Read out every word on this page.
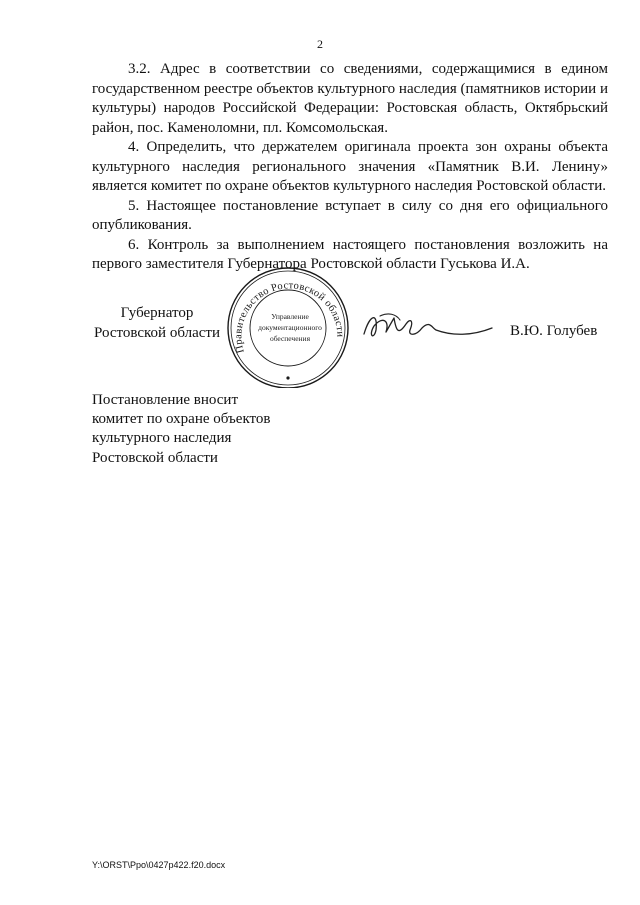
2

3.2. Адрес в соответствии со сведениями, содержащимися в едином государственном реестре объектов культурного наследия (памятников истории и культуры) народов Российской Федерации: Ростовская область, Октябрьский район, пос. Каменоломни, пл. Комсомольская.

4. Определить, что держателем оригинала проекта зон охраны объекта культурного наследия регионального значения «Памятник В.И. Ленину» является комитет по охране объектов культурного наследия Ростовской области.

5. Настоящее постановление вступает в силу со дня его официального опубликования.

6. Контроль за выполнением настоящего постановления возложить на первого заместителя Губернатора Ростовской области Гуськова И.А.

Губернатор
Ростовской области
Правительство Ростовской области
Управление
документационного
обеспечения	В.Ю. Голубев
Постановление вносит
комитет по охране объектов
культурного наследия
Ростовской области
Y:\ORST\Ppo\0427p422.f20.docx
